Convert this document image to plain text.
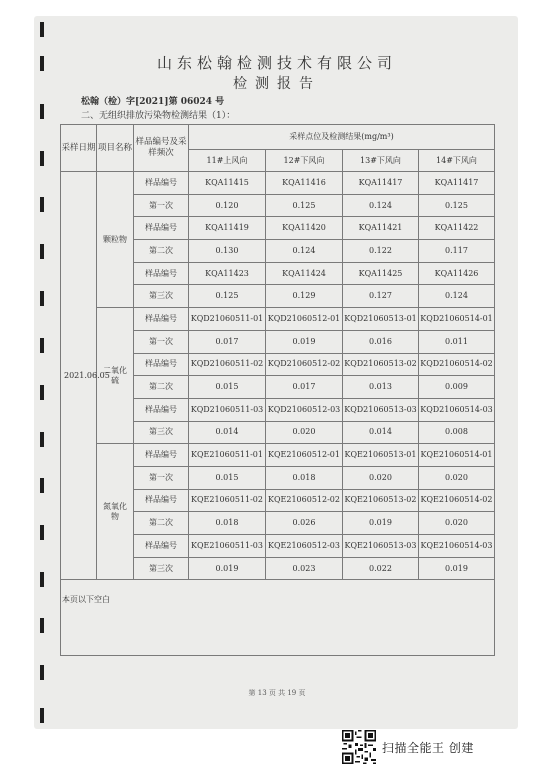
山东松翰检测技术有限公司
检测报告
松翰（检）字[2021]第 06024 号
二、无组织排放污染物检测结果（1）：
采样日期	项目名称	样品编号及采样频次	采样点位及检测结果(mg/m³)			
			11#上风向	12#下风向	13#下风向	14#下风向
2021.06.05	颗粒物	样品编号	KQA11415	KQA11416	KQA11417	KQA11417
		第一次	0.120	0.125	0.124	0.125
		样品编号	KQA11419	KQA11420	KQA11421	KQA11422
		第二次	0.130	0.124	0.122	0.117
		样品编号	KQA11423	KQA11424	KQA11425	KQA11426
		第三次	0.125	0.129	0.127	0.124
	二氧化硫	样品编号	KQD21060511-01	KQD21060512-01	KQD21060513-01	KQD21060514-01
		第一次	0.017	0.019	0.016	0.011
		样品编号	KQD21060511-02	KQD21060512-02	KQD21060513-02	KQD21060514-02
		第二次	0.015	0.017	0.013	0.009
		样品编号	KQD21060511-03	KQD21060512-03	KQD21060513-03	KQD21060514-03
		第三次	0.014	0.020	0.014	0.008
	氮氧化物	样品编号	KQE21060511-01	KQE21060512-01	KQE21060513-01	KQE21060514-01
		第一次	0.015	0.018	0.020	0.020
		样品编号	KQE21060511-02	KQE21060512-02	KQE21060513-02	KQE21060514-02
		第二次	0.018	0.026	0.019	0.020
		样品编号	KQE21060511-03	KQE21060512-03	KQE21060513-03	KQE21060514-03
		第三次	0.019	0.023	0.022	0.019

本页以下空白
第 13 页 共 19 页
扫描全能王 创建
